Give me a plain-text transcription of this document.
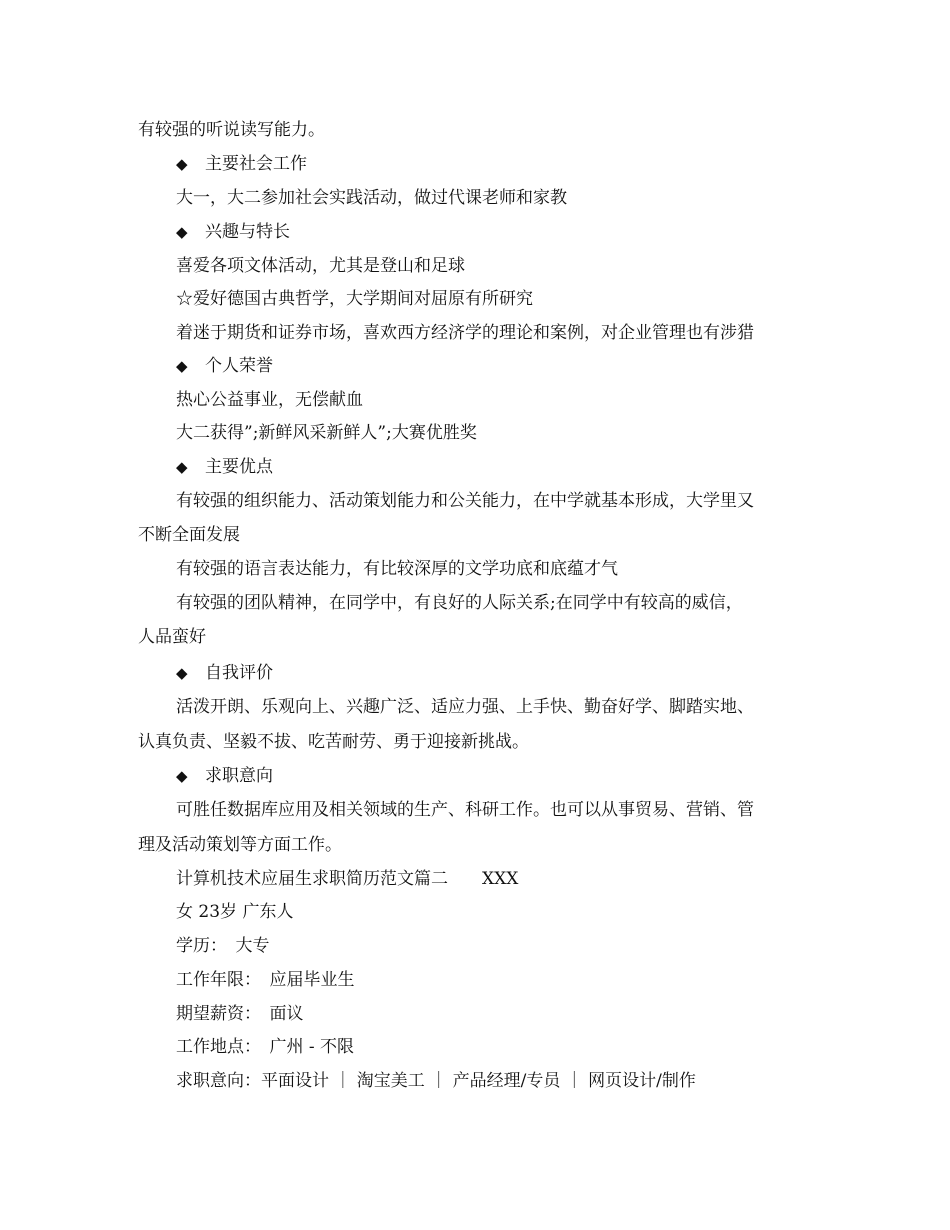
有较强的听说读写能力。
◆ 主要社会工作
大一，大二参加社会实践活动，做过代课老师和家教
◆ 兴趣与特长
喜爱各项文体活动，尤其是登山和足球
☆爱好德国古典哲学，大学期间对屈原有所研究
着迷于期货和证券市场，喜欢西方经济学的理论和案例，对企业管理也有涉猎
◆ 个人荣誉
热心公益事业，无偿献血
大二获得”;新鲜风采新鲜人”;大赛优胜奖
◆ 主要优点
有较强的组织能力、活动策划能力和公关能力，在中学就基本形成，大学里又
不断全面发展
有较强的语言表达能力，有比较深厚的文学功底和底蕴才气
有较强的团队精神，在同学中，有良好的人际关系;在同学中有较高的威信，
人品蛮好
◆ 自我评价
活泼开朗、乐观向上、兴趣广泛、适应力强、上手快、勤奋好学、脚踏实地、
认真负责、坚毅不拔、吃苦耐劳、勇于迎接新挑战。
◆ 求职意向
可胜任数据库应用及相关领域的生产、科研工作。也可以从事贸易、营销、管
理及活动策划等方面工作。
计算机技术应届生求职简历范文篇二　　XXX
女 23岁 广东人
学历：　大专
工作年限：　应届毕业生
期望薪资：　面议
工作地点：　广州 - 不限
求职意向：平面设计 ｜ 淘宝美工 ｜ 产品经理/专员 ｜ 网页设计/制作
